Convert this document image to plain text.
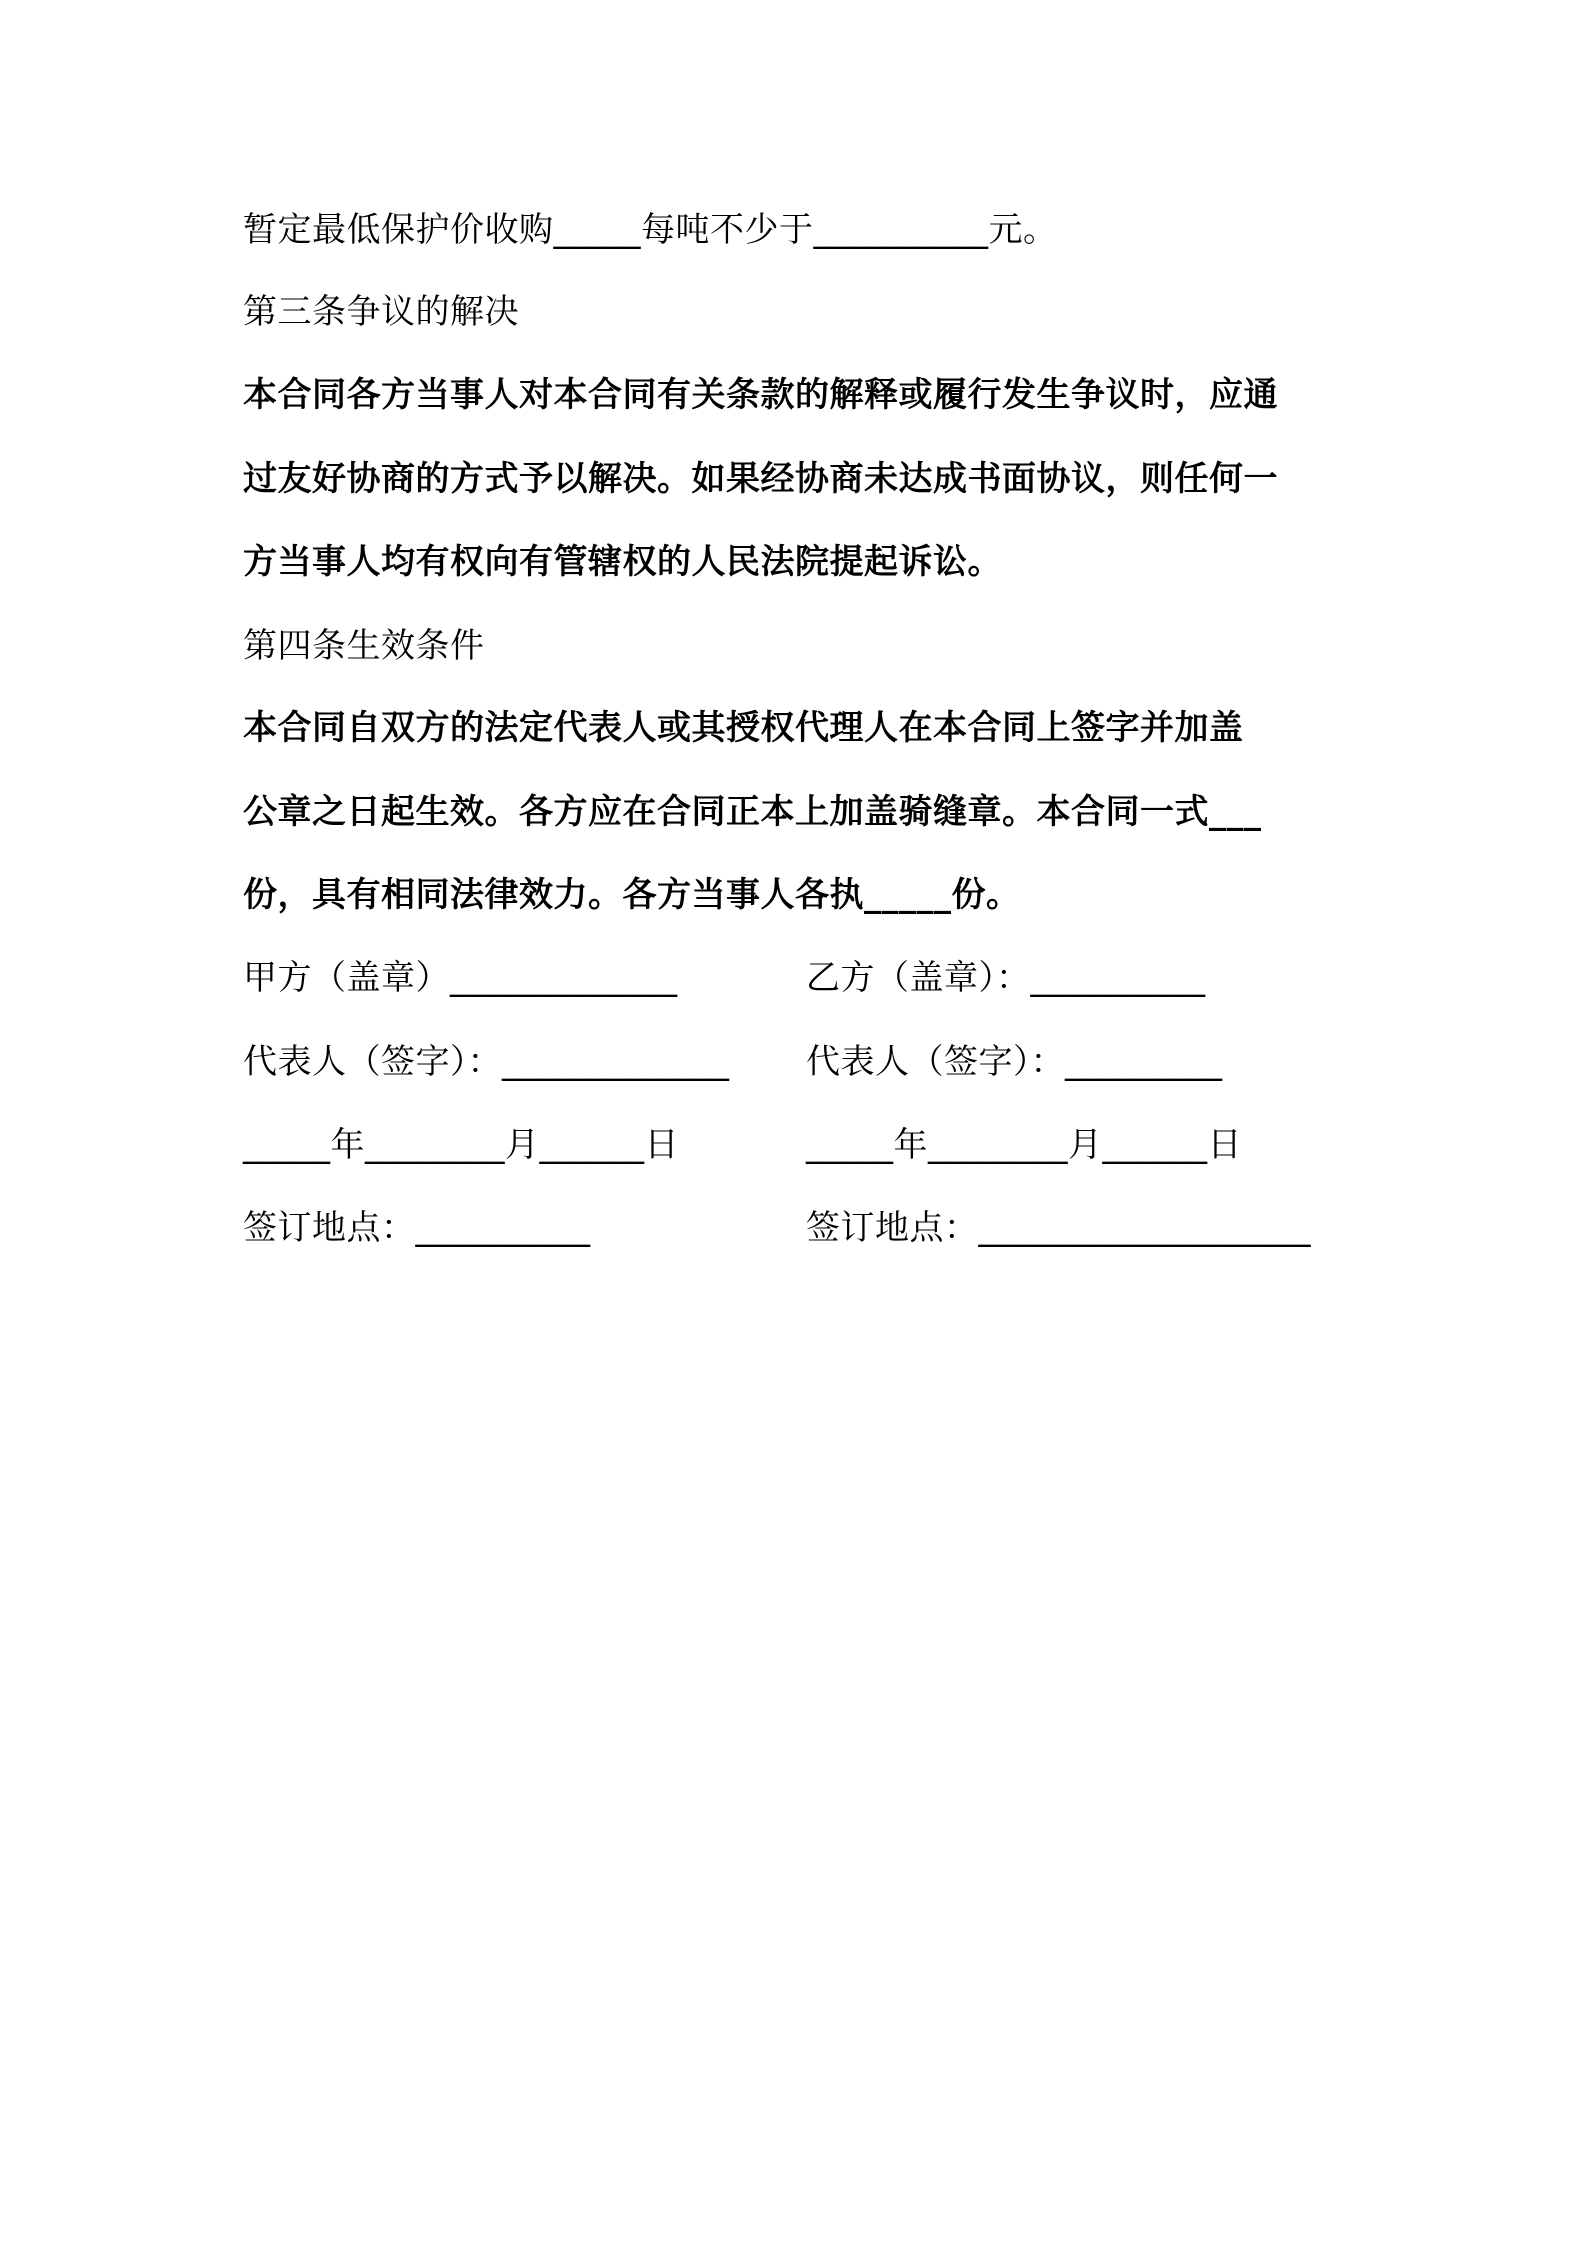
暂定最低保护价收购_____每吨不少于__________元。
第三条争议的解决
本合同各方当事人对本合同有关条款的解释或履行发生争议时，应通
过友好协商的方式予以解决。如果经协商未达成书面协议，则任何一
方当事人均有权向有管辖权的人民法院提起诉讼。
第四条生效条件
本合同自双方的法定代表人或其授权代理人在本合同上签字并加盖
公章之日起生效。各方应在合同正本上加盖骑缝章。本合同一式___
份，具有相同法律效力。各方当事人各执_____份。
甲方（盖章）_____________	乙方（盖章）：__________
代表人（签字）：_____________ 代表人（签字）：_________
_____年________月______日	_____年________月______日
签订地点：__________	签订地点：___________________
